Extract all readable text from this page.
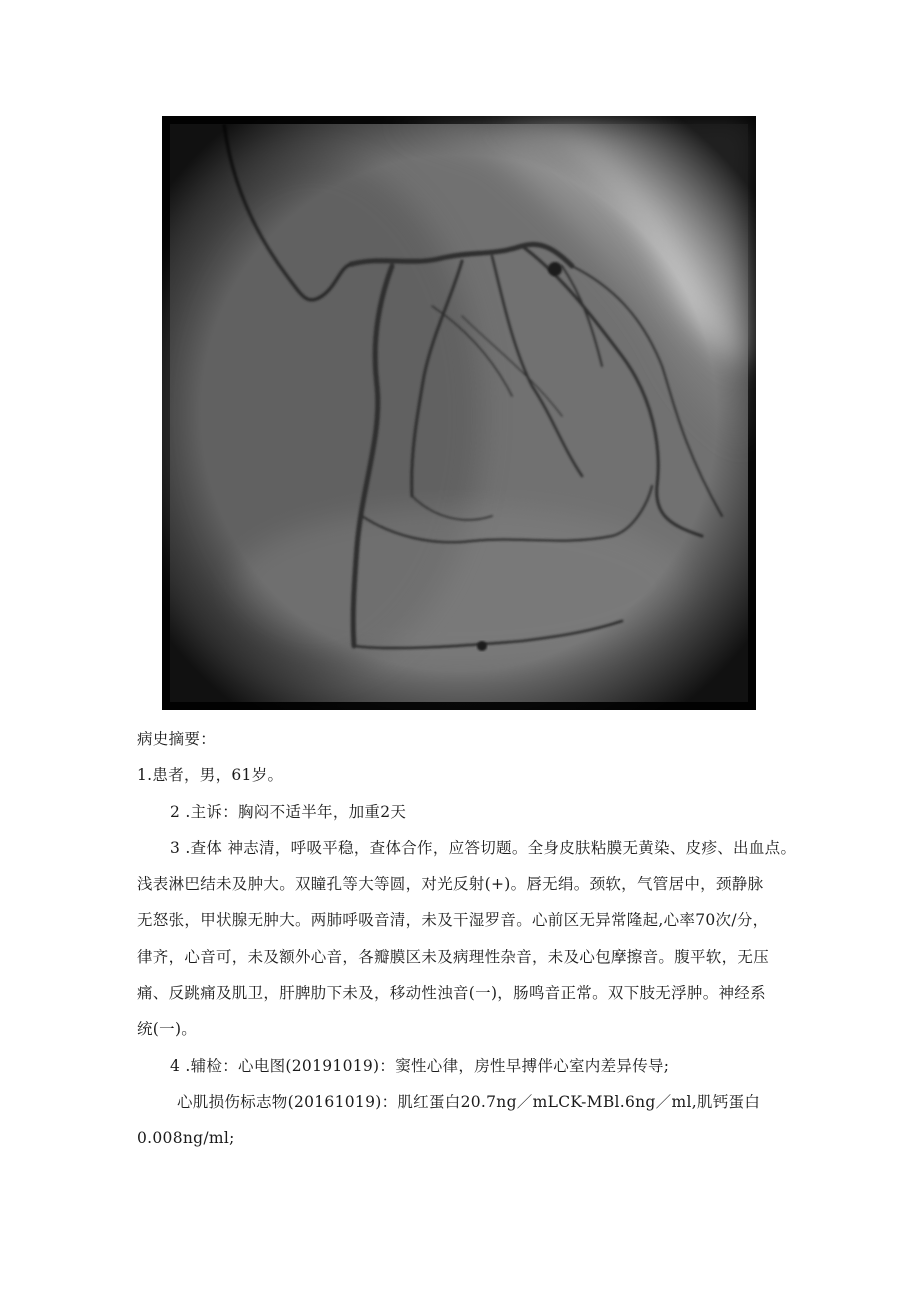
病史摘要：
1.患者，男，61岁。
2 .主诉：胸闷不适半年，加重2天
3 .查体 神志清，呼吸平稳，查体合作，应答切题。全身皮肤粘膜无黄染、皮疹、出血点。
浅表淋巴结未及肿大。双瞳孔等大等圆，对光反射(+)。唇无绢。颈软，气管居中，颈静脉
无怒张，甲状腺无肿大。两肺呼吸音清，未及干湿罗音。心前区无异常隆起,心率70次/分，
律齐，心音可，未及额外心音，各瓣膜区未及病理性杂音，未及心包摩擦音。腹平软，无压
痛、反跳痛及肌卫，肝脾肋下未及，移动性浊音(一)，肠鸣音正常。双下肢无浮肿。神经系
统(一)。
4 .辅检：心电图(20191019)：窦性心律，房性早搏伴心室内差异传导;
心肌损伤标志物(20161019)：肌红蛋白20.7ng／mLCK-MBl.6ng／ml,肌钙蛋白
0.008ng/ml;
